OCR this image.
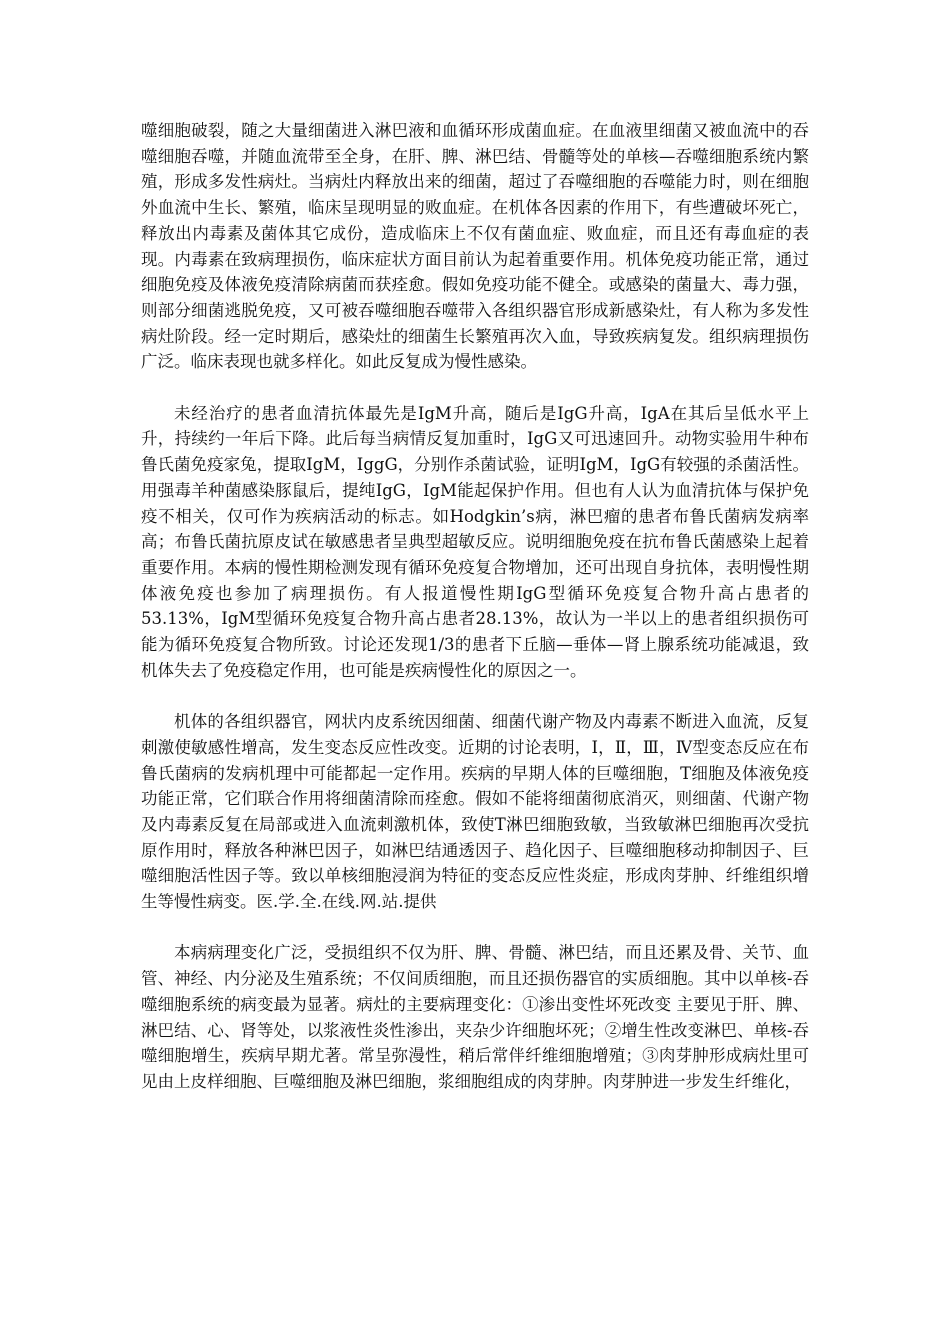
噬细胞破裂，随之大量细菌进入淋巴液和血循环形成菌血症。在血液里细菌又被血流中的吞噬细胞吞噬，并随血流带至全身，在肝、脾、淋巴结、骨髓等处的单核—吞噬细胞系统内繁殖，形成多发性病灶。当病灶内释放出来的细菌，超过了吞噬细胞的吞噬能力时，则在细胞外血流中生长、繁殖，临床呈现明显的败血症。在机体各因素的作用下，有些遭破坏死亡，释放出内毒素及菌体其它成份，造成临床上不仅有菌血症、败血症，而且还有毒血症的表现。内毒素在致病理损伤，临床症状方面目前认为起着重要作用。机体免疫功能正常，通过细胞免疫及体液免疫清除病菌而获痊愈。假如免疫功能不健全。或感染的菌量大、毒力强，则部分细菌逃脱免疫，又可被吞噬细胞吞噬带入各组织器官形成新感染灶，有人称为多发性病灶阶段。经一定时期后，感染灶的细菌生长繁殖再次入血，导致疾病复发。组织病理损伤广泛。临床表现也就多样化。如此反复成为慢性感染。

未经治疗的患者血清抗体最先是IgM升高，随后是IgG升高，IgA在其后呈低水平上升，持续约一年后下降。此后每当病情反复加重时，IgG又可迅速回升。动物实验用牛种布鲁氏菌免疫家兔，提取IgM，IggG，分别作杀菌试验，证明IgM，IgG有较强的杀菌活性。用强毒羊种菌感染豚鼠后，提纯IgG，IgM能起保护作用。但也有人认为血清抗体与保护免疫不相关，仅可作为疾病活动的标志。如Hodgkin’s病，淋巴瘤的患者布鲁氏菌病发病率高；布鲁氏菌抗原皮试在敏感患者呈典型超敏反应。说明细胞免疫在抗布鲁氏菌感染上起着重要作用。本病的慢性期检测发现有循环免疫复合物增加，还可出现自身抗体，表明慢性期体液免疫也参加了病理损伤。有人报道慢性期IgG型循环免疫复合物升高占患者的53.13%，IgM型循环免疫复合物升高占患者28.13%，故认为一半以上的患者组织损伤可能为循环免疫复合物所致。讨论还发现1/3的患者下丘脑—垂体—肾上腺系统功能减退，致机体失去了免疫稳定作用，也可能是疾病慢性化的原因之一。

机体的各组织器官，网状内皮系统因细菌、细菌代谢产物及内毒素不断进入血流，反复刺激使敏感性增高，发生变态反应性改变。近期的讨论表明，Ⅰ，Ⅱ，Ⅲ，Ⅳ型变态反应在布鲁氏菌病的发病机理中可能都起一定作用。疾病的早期人体的巨噬细胞，T细胞及体液免疫功能正常，它们联合作用将细菌清除而痊愈。假如不能将细菌彻底消灭，则细菌、代谢产物及内毒素反复在局部或进入血流刺激机体，致使T淋巴细胞致敏，当致敏淋巴细胞再次受抗原作用时，释放各种淋巴因子，如淋巴结通透因子、趋化因子、巨噬细胞移动抑制因子、巨噬细胞活性因子等。致以单核细胞浸润为特征的变态反应性炎症，形成肉芽肿、纤维组织增生等慢性病变。医.学.全.在线.网.站.提供

本病病理变化广泛，受损组织不仅为肝、脾、骨髓、淋巴结，而且还累及骨、关节、血管、神经、内分泌及生殖系统；不仅间质细胞，而且还损伤器官的实质细胞。其中以单核-吞噬细胞系统的病变最为显著。病灶的主要病理变化：①渗出变性坏死改变 主要见于肝、脾、淋巴结、心、肾等处，以浆液性炎性渗出，夹杂少许细胞坏死；②增生性改变淋巴、单核-吞噬细胞增生，疾病早期尤著。常呈弥漫性，稍后常伴纤维细胞增殖；③肉芽肿形成病灶里可见由上皮样细胞、巨噬细胞及淋巴细胞，浆细胞组成的肉芽肿。肉芽肿进一步发生纤维化，
